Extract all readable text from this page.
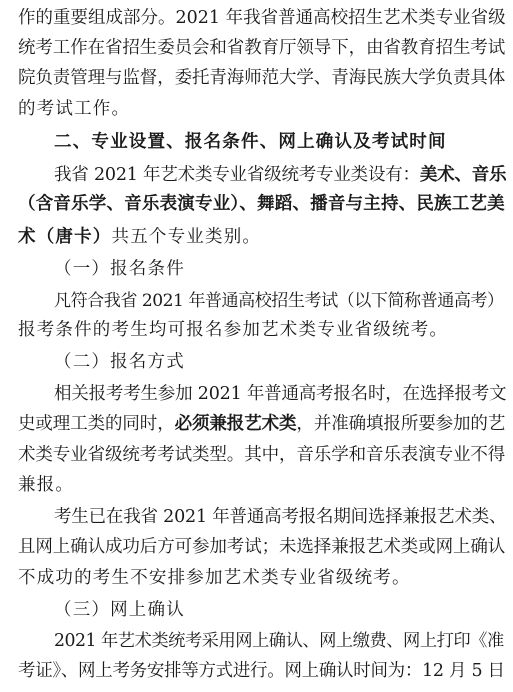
作的重要组成部分。2021 年我省普通高校招生艺术类专业省级
统考工作在省招生委员会和省教育厅领导下，由省教育招生考试
院负责管理与监督，委托青海师范大学、青海民族大学负责具体
的考试工作。
二、专业设置、报名条件、网上确认及考试时间
我省 2021 年艺术类专业省级统考专业类设有：美术、音乐
（含音乐学、音乐表演专业）、舞蹈、播音与主持、民族工艺美
术（唐卡）共五个专业类别。
（一）报名条件
凡符合我省 2021 年普通高校招生考试（以下简称普通高考）
报考条件的考生均可报名参加艺术类专业省级统考。
（二）报名方式
相关报考考生参加 2021 年普通高考报名时，在选择报考文
史或理工类的同时，必须兼报艺术类，并准确填报所要参加的艺
术类专业省级统考考试类型。其中，音乐学和音乐表演专业不得
兼报。
考生已在我省 2021 年普通高考报名期间选择兼报艺术类、
且网上确认成功后方可参加考试；未选择兼报艺术类或网上确认
不成功的考生不安排参加艺术类专业省级统考。
（三）网上确认
2021 年艺术类统考采用网上确认、网上缴费、网上打印《准
考证》、网上考务安排等方式进行。网上确认时间为：12 月 5 日
